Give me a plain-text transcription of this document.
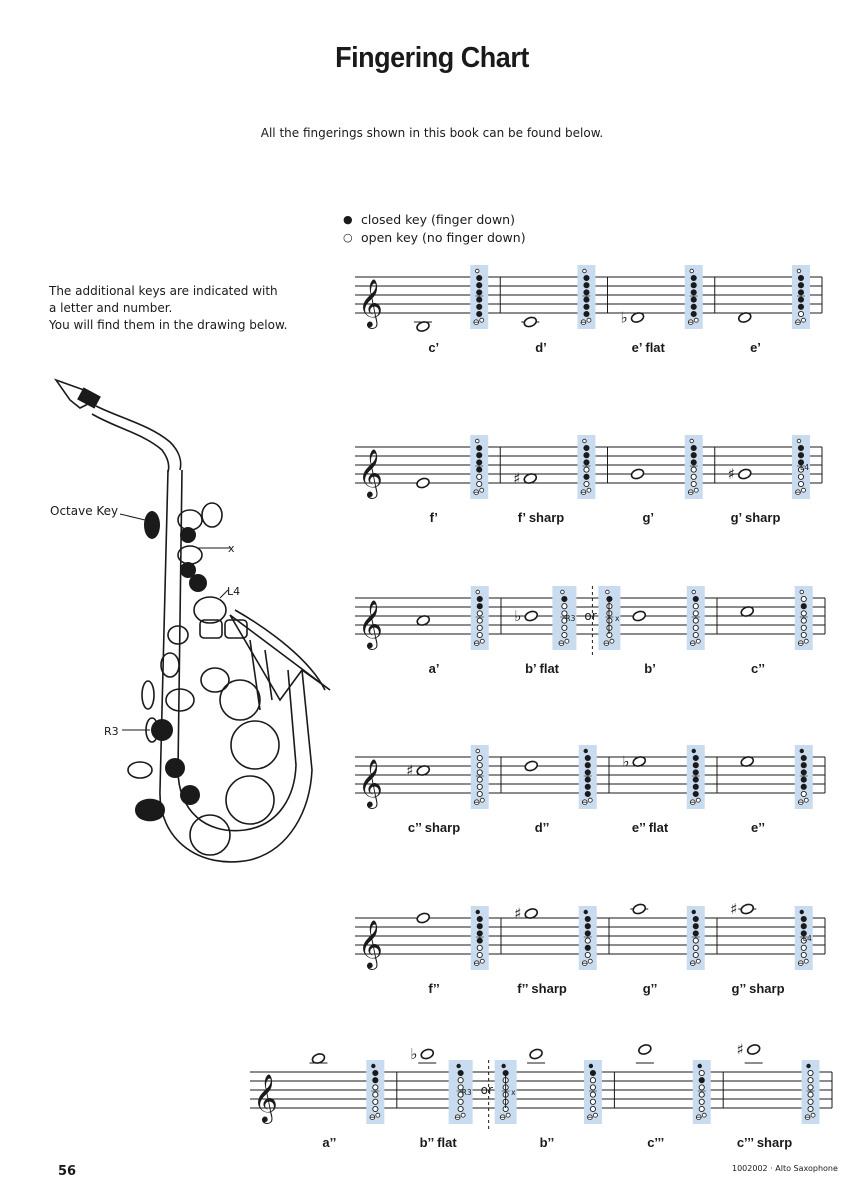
Fingering Chart
All the fingerings shown in this book can be found below.
● closed key (finger down)
○ open key (no finger down)
The additional keys are indicated with
a letter and number.
You will find them in the drawing below.
Octave Key
x
L4
R3
𝄞
c’	d’
♭
e’ flat	e’
𝄞
f’
♯
f’ sharp	g’
♯	L4
g’ sharp
𝄞
a’
♭	R3 or x
b’ flat	b’	c’’
𝄞 ♯
c’’ sharp	d’’
♭
e’’ flat	e’’
𝄞
f’’
♯
f’’ sharp	g’’
♯
L4
g’’ sharp
𝄞
a’’
♭
R3 or x
b’’ flat	b’’	c’’’
♯
c’’’ sharp
56	1002002 · Alto Saxophone
